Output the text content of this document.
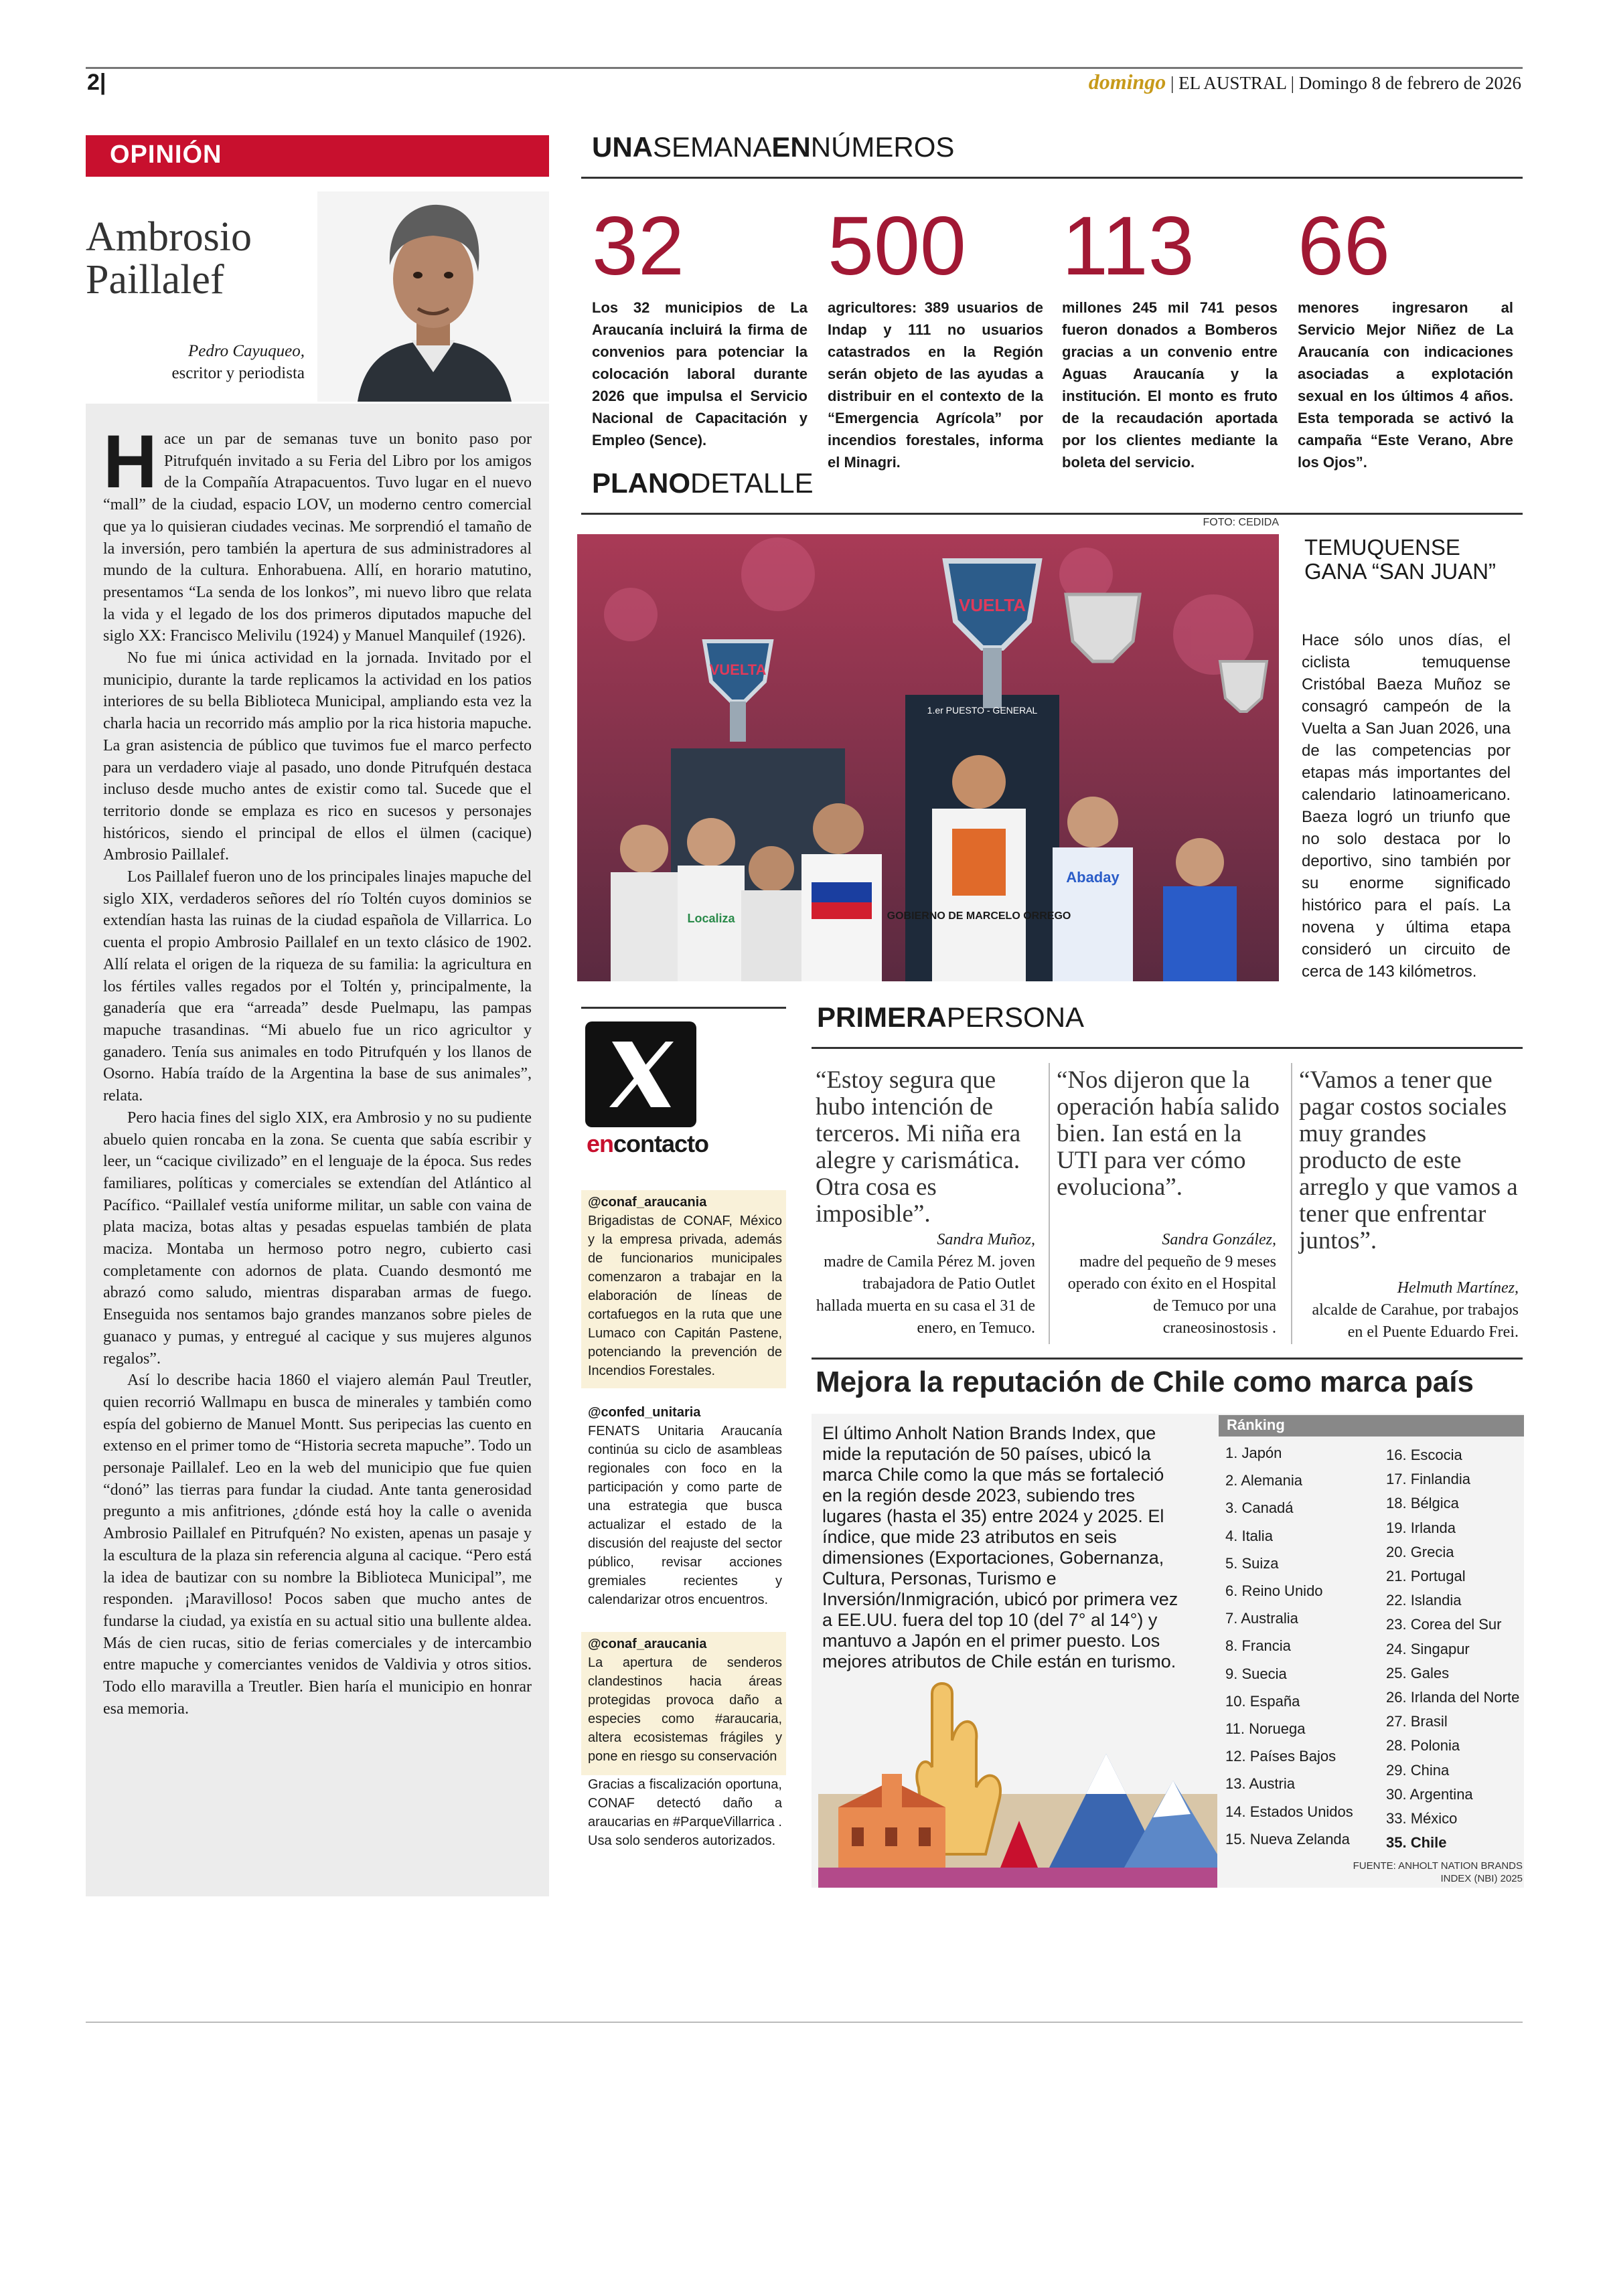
2|	domingo | EL AUSTRAL | Domingo 8 de febrero de 2026
OPINIÓN
Ambrosio
Paillalef
Pedro Cayuqueo,
escritor y periodista

Hace un par de semanas tuve un bonito paso por Pitrufquén invitado a su Feria del Libro por los amigos de la Compañía Atrapacuentos. Tuvo lugar en el nuevo “mall” de la ciudad, espacio LOV, un moderno centro comercial que ya lo quisieran ciudades vecinas. Me sorprendió el tamaño de la inversión, pero también la apertura de sus administradores al mundo de la cultura. Enhorabuena. Allí, en horario matutino, presentamos “La senda de los lonkos”, mi nuevo libro que relata la vida y el legado de los dos primeros diputados mapuche del siglo XX: Francisco Melivilu (1924) y Manuel Manquilef (1926).

No fue mi única actividad en la jornada. Invitado por el municipio, durante la tarde replicamos la actividad en los patios interiores de su bella Biblioteca Municipal, ampliando esta vez la charla hacia un recorrido más amplio por la rica historia mapuche. La gran asistencia de público que tuvimos fue el marco perfecto para un verdadero viaje al pasado, uno donde Pitrufquén destaca incluso desde mucho antes de existir como tal. Sucede que el territorio donde se emplaza es rico en sucesos y personajes históricos, siendo el principal de ellos el ülmen (cacique) Ambrosio Paillalef.

Los Paillalef fueron uno de los principales linajes mapuche del siglo XIX, verdaderos señores del río Toltén cuyos dominios se extendían hasta las ruinas de la ciudad española de Villarrica. Lo cuenta el propio Ambrosio Paillalef en un texto clásico de 1902. Allí relata el origen de la riqueza de su familia: la agricultura en los fértiles valles regados por el Toltén y, principalmente, la ganadería que era “arreada” desde Puelmapu, las pampas mapuche trasandinas. “Mi abuelo fue un rico agricultor y ganadero. Tenía sus animales en todo Pitrufquén y los llanos de Osorno. Había traído de la Argentina la base de sus animales”, relata.

Pero hacia fines del siglo XIX, era Ambrosio y no su pudiente abuelo quien roncaba en la zona. Se cuenta que sabía escribir y leer, un “cacique civilizado” en el lenguaje de la época. Sus redes familiares, políticas y comerciales se extendían del Atlántico al Pacífico. “Paillalef vestía uniforme militar, un sable con vaina de plata maciza, botas altas y pesadas espuelas también de plata maciza. Montaba un hermoso potro negro, cubierto casi completamente con adornos de plata. Cuando desmontó me abrazó como saludo, mientras disparaban armas de fuego. Enseguida nos sentamos bajo grandes manzanos sobre pieles de guanaco y pumas, y entregué al cacique y sus mujeres algunos regalos”.

Así lo describe hacia 1860 el viajero alemán Paul Treutler, quien recorrió Wallmapu en busca de minerales y también como espía del gobierno de Manuel Montt. Sus peripecias las cuento en extenso en el primer tomo de “Historia secreta mapuche”. Todo un personaje Paillalef. Leo en la web del municipio que fue quien “donó” las tierras para fundar la ciudad. Ante tanta generosidad pregunto a mis anfitriones, ¿dónde está hoy la calle o avenida Ambrosio Paillalef en Pitrufquén? No existen, apenas un pasaje y la escultura de la plaza sin referencia alguna al cacique. “Pero está la idea de bautizar con su nombre la Biblioteca Municipal”, me responden. ¡Maravilloso! Pocos saben que mucho antes de fundarse la ciudad, ya existía en su actual sitio una bullente aldea. Más de cien rucas, sitio de ferias comerciales y de intercambio entre mapuche y comerciantes venidos de Valdivia y otros sitios. Todo ello maravilla a Treutler. Bien haría el municipio en honrar esa memoria.

UNASEMANAENNÚMEROS
32
Los 32 municipios de La Araucanía incluirá la firma de convenios para potenciar la colocación laboral durante 2026 que impulsa el Servicio Nacional de Capacitación y Empleo (Sence).
500
agricultores: 389 usuarios de Indap y 111 no usuarios catastrados en la Región serán objeto de las ayudas a distribuir en el contexto de la “Emergencia Agrícola” por incendios forestales, informa el Minagri.
113
millones 245 mil 741 pesos fueron donados a Bomberos gracias a un convenio entre Aguas Araucanía y la institución. El monto es fruto de la recaudación aportada por los clientes mediante la boleta del servicio.
66
menores ingresaron al Servicio Mejor Niñez de La Araucanía con indicaciones asociadas a explotación sexual en los últimos 4 años. Esta temporada se activó la campaña “Este Verano, Abre los Ojos”.
PLANODETALLE
FOTO: CEDIDA
VUELTA
VUELTA
1.er PUESTO - GENERAL
GOBIERNO DE MARCELO ORREGO
Abaday
Localiza
TEMUQUENSE GANA “SAN JUAN”
Hace sólo unos días, el ciclista temuquense Cristóbal Baeza Muñoz se consagró campeón de la Vuelta a San Juan 2026, una de las competencias por etapas más importantes del calendario latinoamericano. Baeza logró un triunfo que no solo destaca por lo deportivo, sino también por su enorme significado histórico para el país. La novena y última etapa consideró un circuito de cerca de 143 kilómetros.
encontacto
@conaf_araucania
Brigadistas de CONAF, México y la empresa privada, además de funcionarios municipales comenzaron a trabajar en la elaboración de líneas de cortafuegos en la ruta que une Lumaco con Capitán Pastene, potenciando la prevención de Incendios Forestales.
@confed_unitaria
FENATS Unitaria Araucanía continúa su ciclo de asambleas regionales con foco en la participación y como parte de una estrategia que busca actualizar el estado de la discusión del reajuste del sector público, revisar acciones gremiales recientes y calendarizar otros encuentros.
@conaf_araucania
La apertura de senderos clandestinos hacia áreas protegidas provoca daño a especies como #araucaria, altera ecosistemas frágiles y pone en riesgo su conservación
Gracias a fiscalización oportuna, CONAF detectó daño a araucarias en #ParqueVillarrica . Usa solo senderos autorizados.
PRIMERAPERSONA
“Estoy segura que hubo intención de terceros. Mi niña era alegre y carismática. Otra cosa es imposible”.
Sandra Muñoz,
madre de Camila Pérez M. joven trabajadora de Patio Outlet hallada muerta en su casa el 31 de enero, en Temuco.
“Nos dijeron que la operación había salido bien. Ian está en la UTI para ver cómo evoluciona”.
Sandra González,
madre del pequeño de 9 meses operado con éxito en el Hospital de Temuco por una craneosinostosis .
“Vamos a tener que pagar costos sociales muy grandes producto de este arreglo y que vamos a tener que enfrentar juntos”.
Helmuth Martínez,
alcalde de Carahue, por trabajos en el Puente Eduardo Frei.
Mejora la reputación de Chile como marca país
El último Anholt Nation Brands Index, que mide la reputación de 50 países, ubicó la marca Chile como la que más se fortaleció en la región desde 2023, subiendo tres lugares (hasta el 35) entre 2024 y 2025. El índice, que mide 23 atributos en seis dimensiones (Exportaciones, Gobernanza, Cultura, Personas, Turismo e Inversión/Inmigración, ubicó por primera vez a EE.UU. fuera del top 10 (del 7° al 14°) y mantuvo a Japón en el primer puesto. Los mejores atributos de Chile están en turismo.
Ránking
1. Japón
2. Alemania
3. Canadá
4. Italia
5. Suiza
6. Reino Unido
7. Australia
8. Francia
9. Suecia
10. España
11. Noruega
12. Países Bajos
13. Austria
14. Estados Unidos
15. Nueva Zelanda
16. Escocia
17. Finlandia
18. Bélgica
19. Irlanda
20. Grecia
21. Portugal
22. Islandia
23. Corea del Sur
24. Singapur
25. Gales
26. Irlanda del Norte
27. Brasil
28. Polonia
29. China
30. Argentina
33. México
35. Chile
FUENTE: ANHOLT NATION BRANDS INDEX (NBI) 2025
